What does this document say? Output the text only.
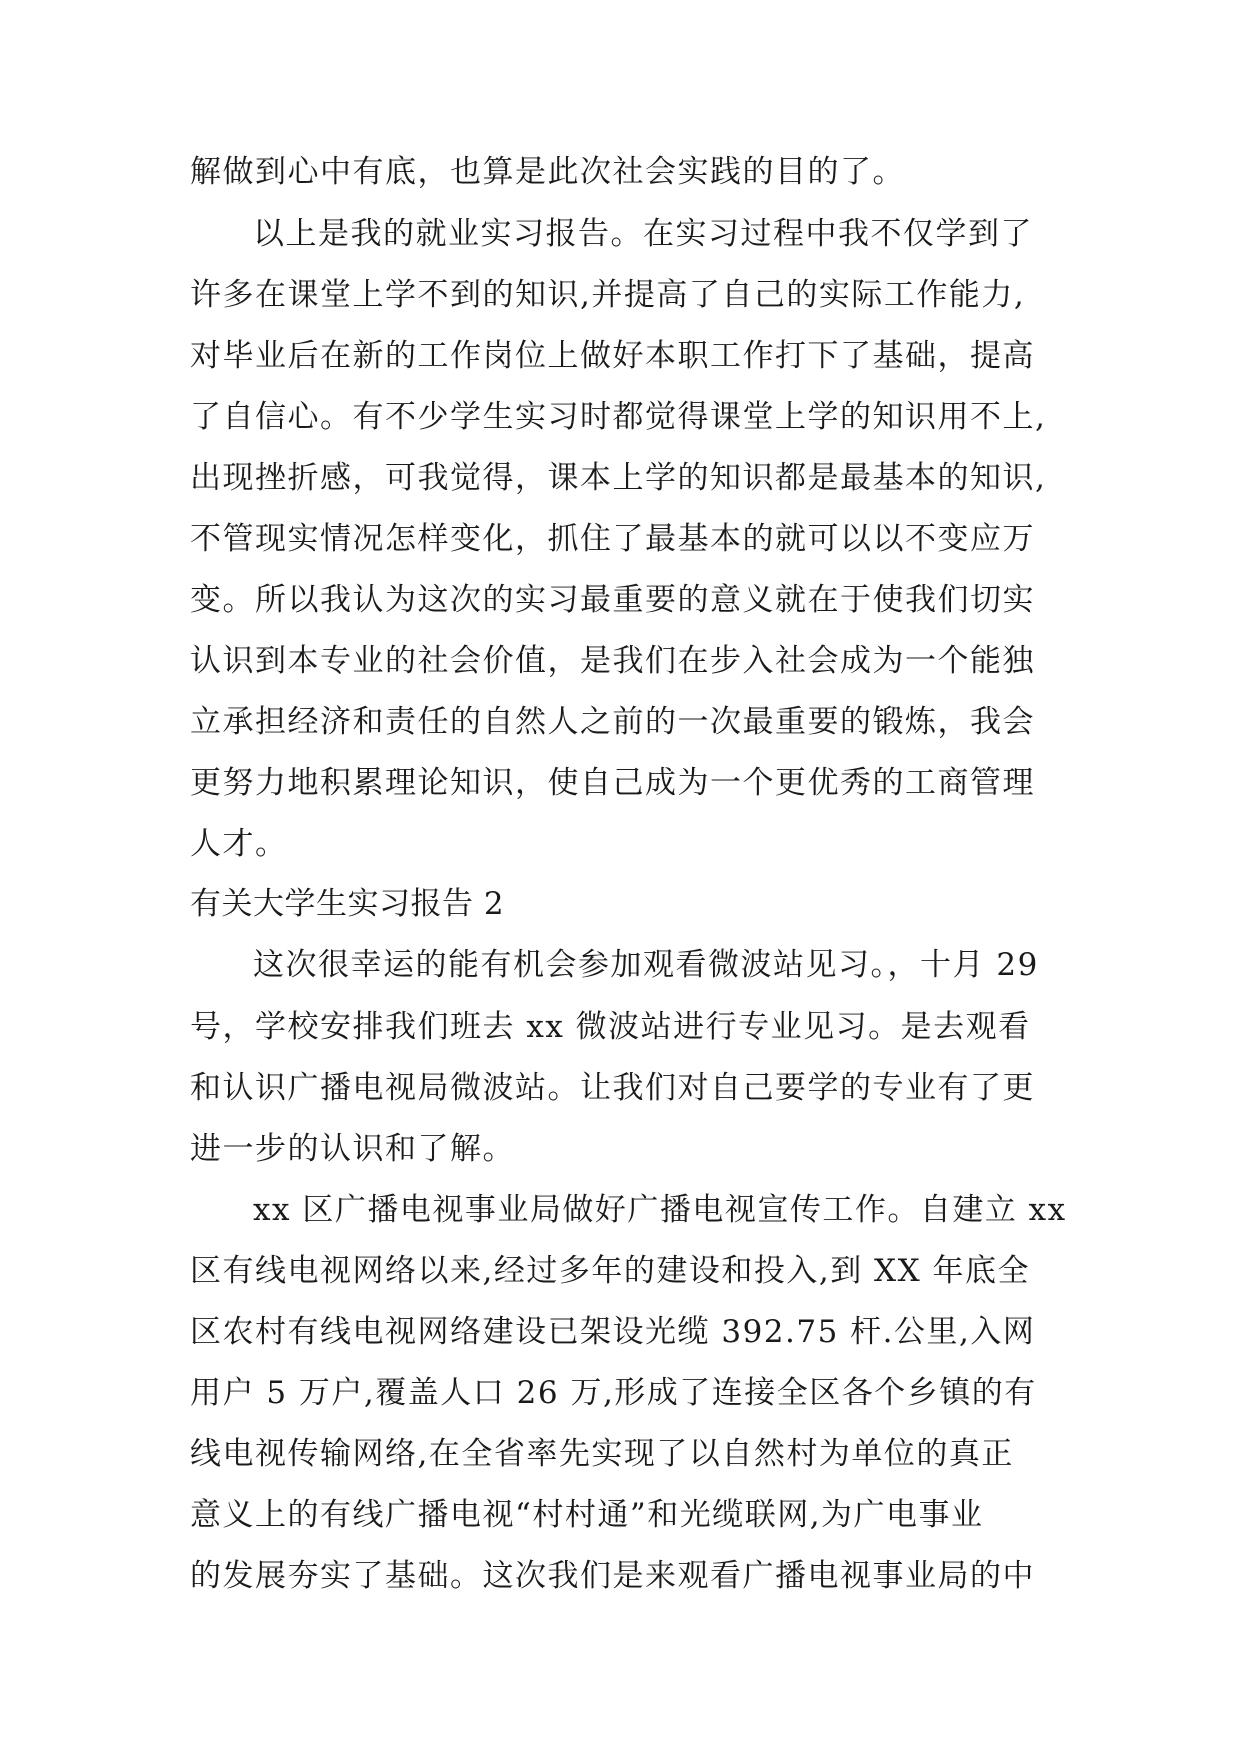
解做到心中有底，也算是此次社会实践的目的了。
以上是我的就业实习报告。在实习过程中我不仅学到了
许多在课堂上学不到的知识,并提高了自己的实际工作能力,
对毕业后在新的工作岗位上做好本职工作打下了基础，提高
了自信心。有不少学生实习时都觉得课堂上学的知识用不上,
出现挫折感，可我觉得，课本上学的知识都是最基本的知识,
不管现实情况怎样变化，抓住了最基本的就可以以不变应万
变。所以我认为这次的实习最重要的意义就在于使我们切实
认识到本专业的社会价值，是我们在步入社会成为一个能独
立承担经济和责任的自然人之前的一次最重要的锻炼，我会
更努力地积累理论知识，使自己成为一个更优秀的工商管理
人才。
有关大学生实习报告 2
这次很幸运的能有机会参加观看微波站见习。，十月 29
号，学校安排我们班去 xx 微波站进行专业见习。是去观看
和认识广播电视局微波站。让我们对自己要学的专业有了更
进一步的认识和了解。
xx 区广播电视事业局做好广播电视宣传工作。自建立 xx
区有线电视网络以来,经过多年的建设和投入,到 XX 年底全
区农村有线电视网络建设已架设光缆 392.75 杆.公里,入网
用户 5 万户,覆盖人口 26 万,形成了连接全区各个乡镇的有
线电视传输网络,在全省率先实现了以自然村为单位的真正
意义上的有线广播电视“村村通”和光缆联网,为广电事业
的发展夯实了基础。这次我们是来观看广播电视事业局的中
